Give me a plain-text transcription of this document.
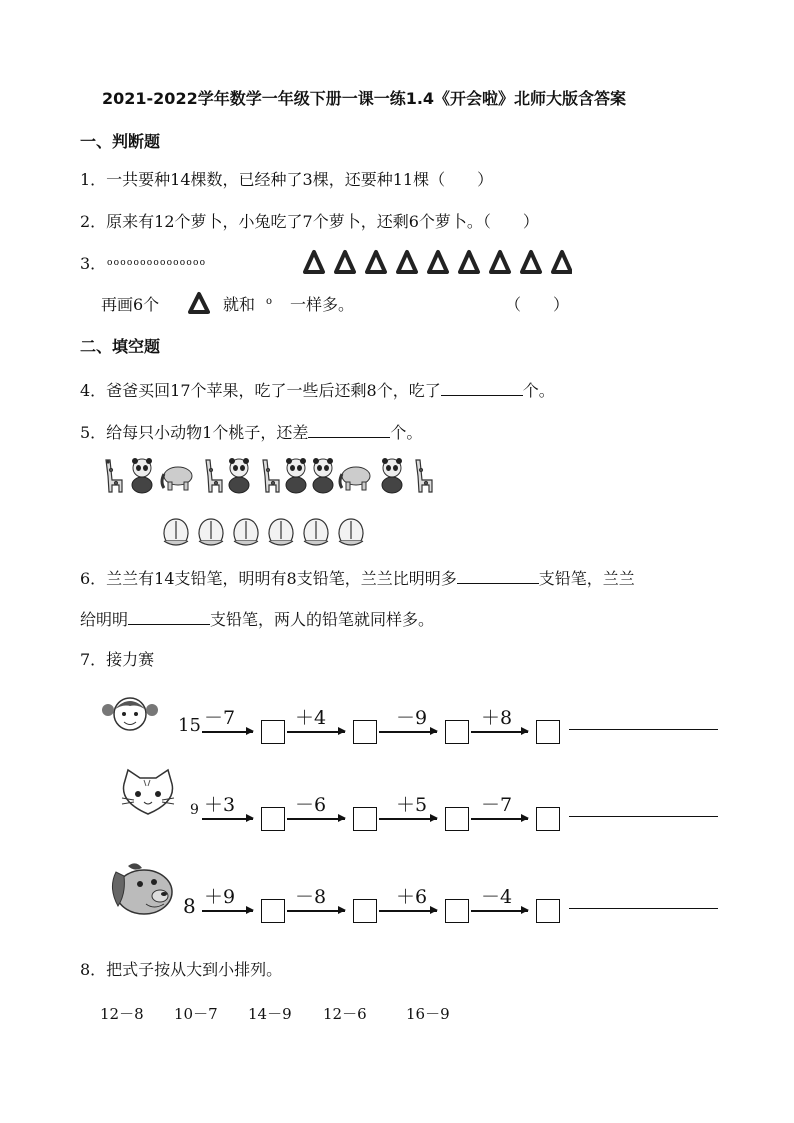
2021-2022学年数学一年级下册一课一练1.4《开会啦》北师大版含答案
一、判断题
1．一共要种14棵数，已经种了3棵，还要种11棵（　　）
2．原来有12个萝卜，小兔吃了7个萝卜，还剩6个萝卜。（　　）
3． ooooooooooooooo
再画6个	就和 o 一样多。	（　　）
二、填空题
4．爸爸买回17个苹果，吃了一些后还剩8个，吃了	个。
5．给每只小动物1个桃子，还差	个。
6．兰兰有14支铅笔，明明有8支铅笔，兰兰比明明多	支铅笔，兰兰
给明明	支铅笔，两人的铅笔就同样多。
7．接力赛
15 －7	＋4	－9	＋8
9 ＋3	－6	＋5	－7
8 ＋9	－8	＋6	－4
8．把式子按从大到小排列。
12－8 10－7 14－9 12－6	16－9
